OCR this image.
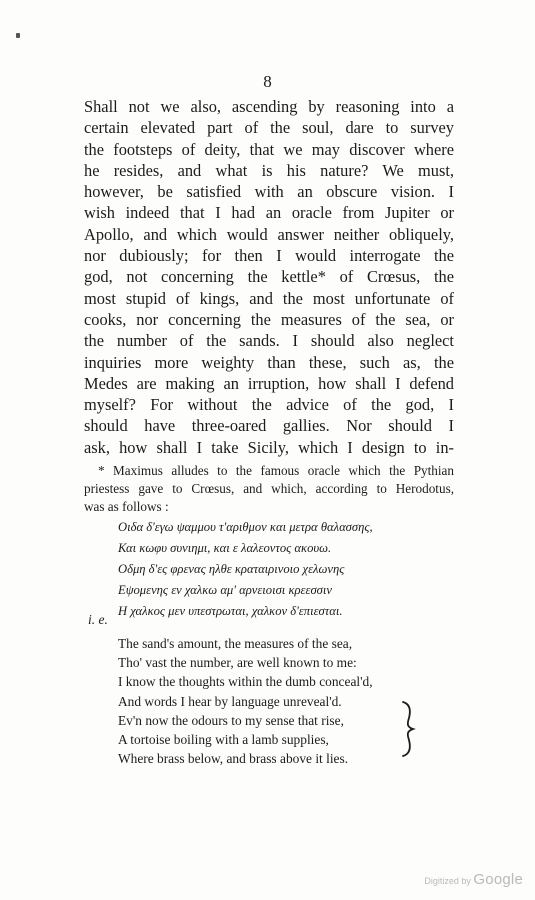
8
Shall not we also, ascending by reasoning into a
certain elevated part of the soul, dare to survey
the footsteps of deity, that we may discover where
he resides, and what is his nature? We must,
however, be satisfied with an obscure vision. I
wish indeed that I had an oracle from Jupiter or
Apollo, and which would answer neither obliquely,
nor dubiously; for then I would interrogate the
god, not concerning the kettle* of Crœsus, the
most stupid of kings, and the most unfortunate of
cooks, nor concerning the measures of the sea, or
the number of the sands. I should also neglect
inquiries more weighty than these, such as, the
Medes are making an irruption, how shall I defend
myself? For without the advice of the god, I
should have three-oared gallies. Nor should I
ask, how shall I take Sicily, which I design to in-
* Maximus alludes to the famous oracle which the Pythian
priestess gave to Crœsus, and which, according to Herodotus,
was as follows :
Οιδα δ'εγω ψαμμου τ'αριθμον και μετρα θαλασσης,
Και κωφυ συνιημι, και ε λαλεοντος ακουω.
Οδμη δ'ες φρενας ηλθε κραταιρινοιο χελωνης
Εψομενης εν χαλκω αμ' αρνειοισι κρεεσσιν
Η χαλκος μεν υπεστρωται, χαλκον δ'επιεσται.
i. e.
The sand's amount, the measures of the sea,
Tho' vast the number, are well known to me:
I know the thoughts within the dumb conceal'd,
And words I hear by language unreveal'd.
Ev'n now the odours to my sense that rise,
A tortoise boiling with a lamb supplies,
Where brass below, and brass above it lies.
Digitized by Google
